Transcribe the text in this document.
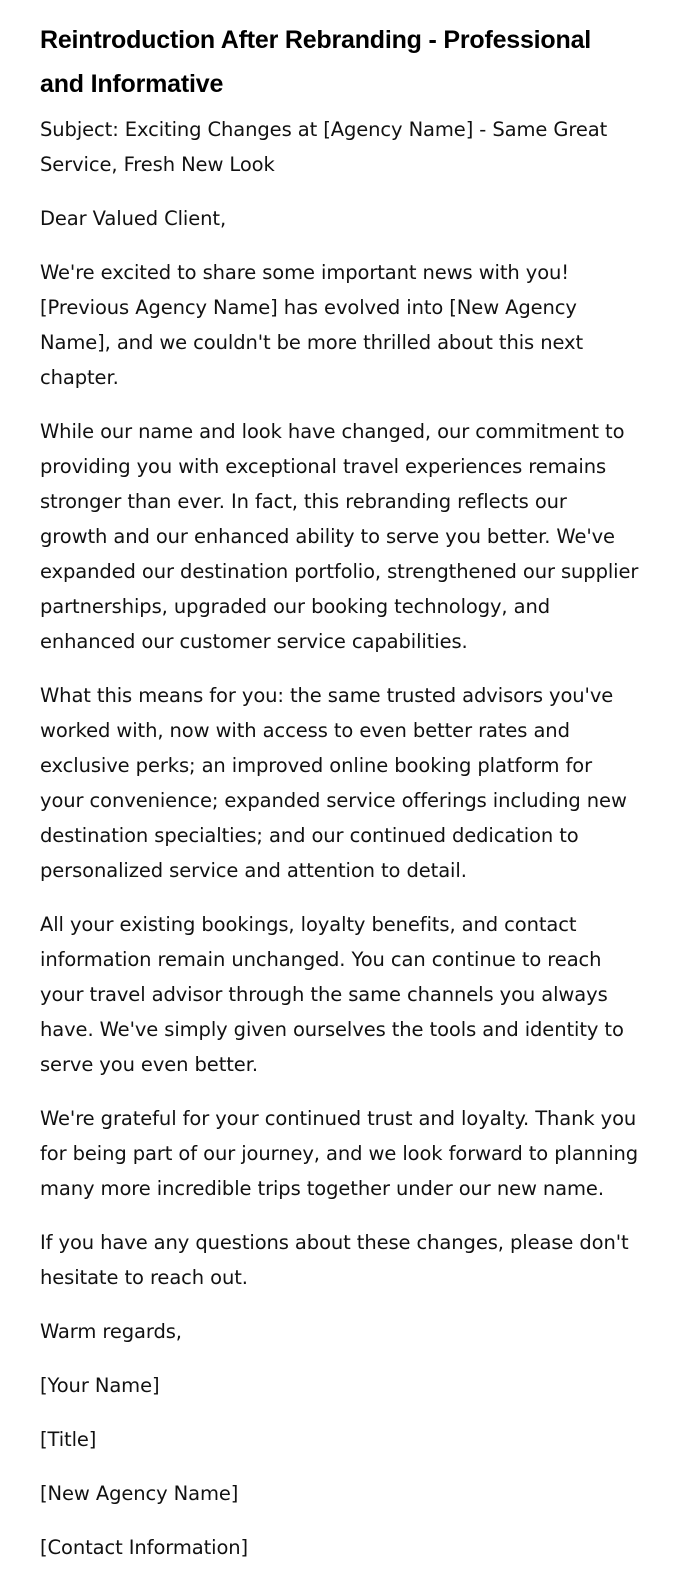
Reintroduction After Rebranding - Professional and Informative

Subject: Exciting Changes at [Agency Name] - Same Great Service, Fresh New Look

Dear Valued Client,

We're excited to share some important news with you! [Previous Agency Name] has evolved into [New Agency Name], and we couldn't be more thrilled about this next chapter.

While our name and look have changed, our commitment to providing you with exceptional travel experiences remains stronger than ever. In fact, this rebranding reflects our growth and our enhanced ability to serve you better. We've expanded our destination portfolio, strengthened our supplier partnerships, upgraded our booking technology, and enhanced our customer service capabilities.

What this means for you: the same trusted advisors you've worked with, now with access to even better rates and exclusive perks; an improved online booking platform for your convenience; expanded service offerings including new destination specialties; and our continued dedication to personalized service and attention to detail.

All your existing bookings, loyalty benefits, and contact information remain unchanged. You can continue to reach your travel advisor through the same channels you always have. We've simply given ourselves the tools and identity to serve you even better.

We're grateful for your continued trust and loyalty. Thank you for being part of our journey, and we look forward to planning many more incredible trips together under our new name.

If you have any questions about these changes, please don't hesitate to reach out.

Warm regards,

[Your Name]

[Title]

[New Agency Name]

[Contact Information]
